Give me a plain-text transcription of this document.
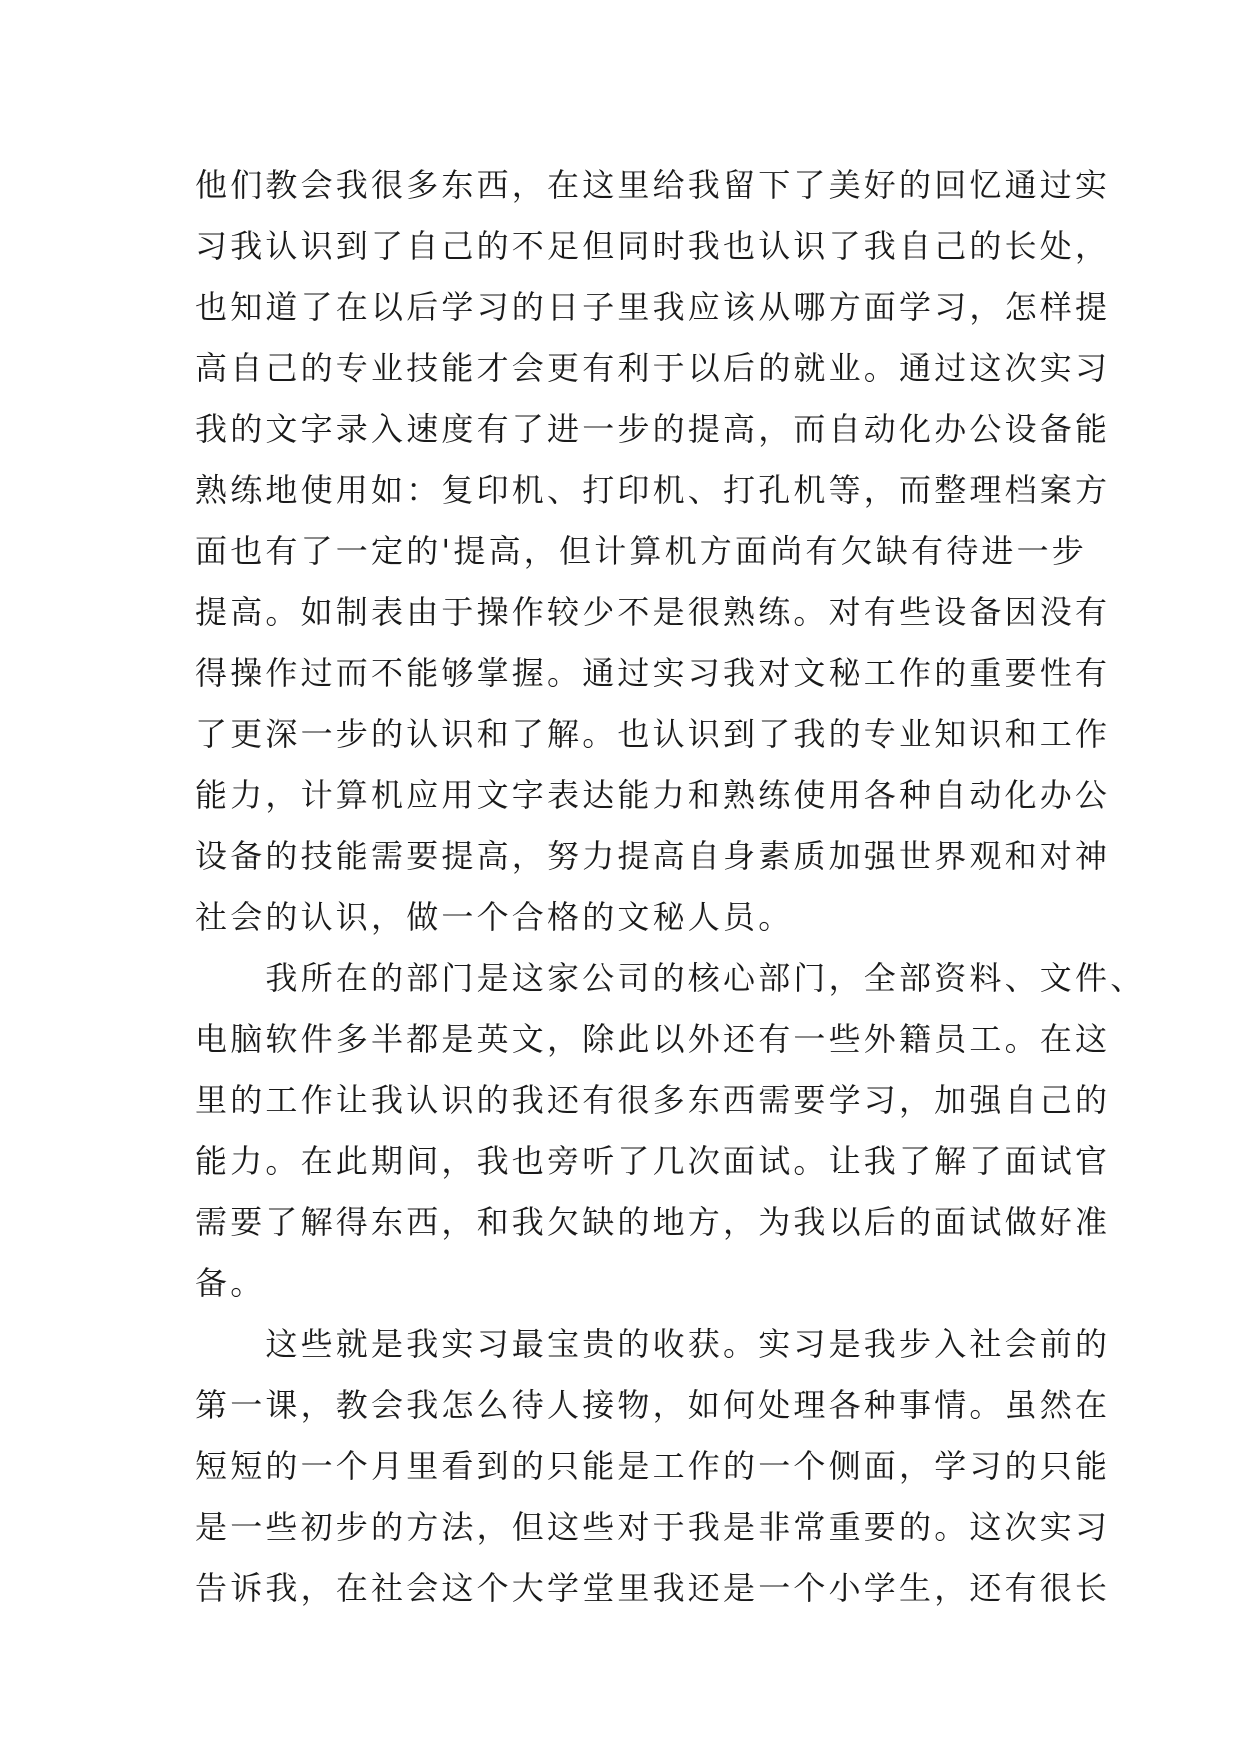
他们教会我很多东西，在这里给我留下了美好的回忆通过实
习我认识到了自己的不足但同时我也认识了我自己的长处，
也知道了在以后学习的日子里我应该从哪方面学习，怎样提
高自己的专业技能才会更有利于以后的就业。通过这次实习
我的文字录入速度有了进一步的提高，而自动化办公设备能
熟练地使用如：复印机、打印机、打孔机等，而整理档案方
面也有了一定的'提高，但计算机方面尚有欠缺有待进一步
提高。如制表由于操作较少不是很熟练。对有些设备因没有
得操作过而不能够掌握。通过实习我对文秘工作的重要性有
了更深一步的认识和了解。也认识到了我的专业知识和工作
能力，计算机应用文字表达能力和熟练使用各种自动化办公
设备的技能需要提高，努力提高自身素质加强世界观和对神
社会的认识，做一个合格的文秘人员。
　　我所在的部门是这家公司的核心部门，全部资料、文件、
电脑软件多半都是英文，除此以外还有一些外籍员工。在这
里的工作让我认识的我还有很多东西需要学习，加强自己的
能力。在此期间，我也旁听了几次面试。让我了解了面试官
需要了解得东西，和我欠缺的地方，为我以后的面试做好准
备。
　　这些就是我实习最宝贵的收获。实习是我步入社会前的
第一课，教会我怎么待人接物，如何处理各种事情。虽然在
短短的一个月里看到的只能是工作的一个侧面，学习的只能
是一些初步的方法，但这些对于我是非常重要的。这次实习
告诉我，在社会这个大学堂里我还是一个小学生，还有很长
